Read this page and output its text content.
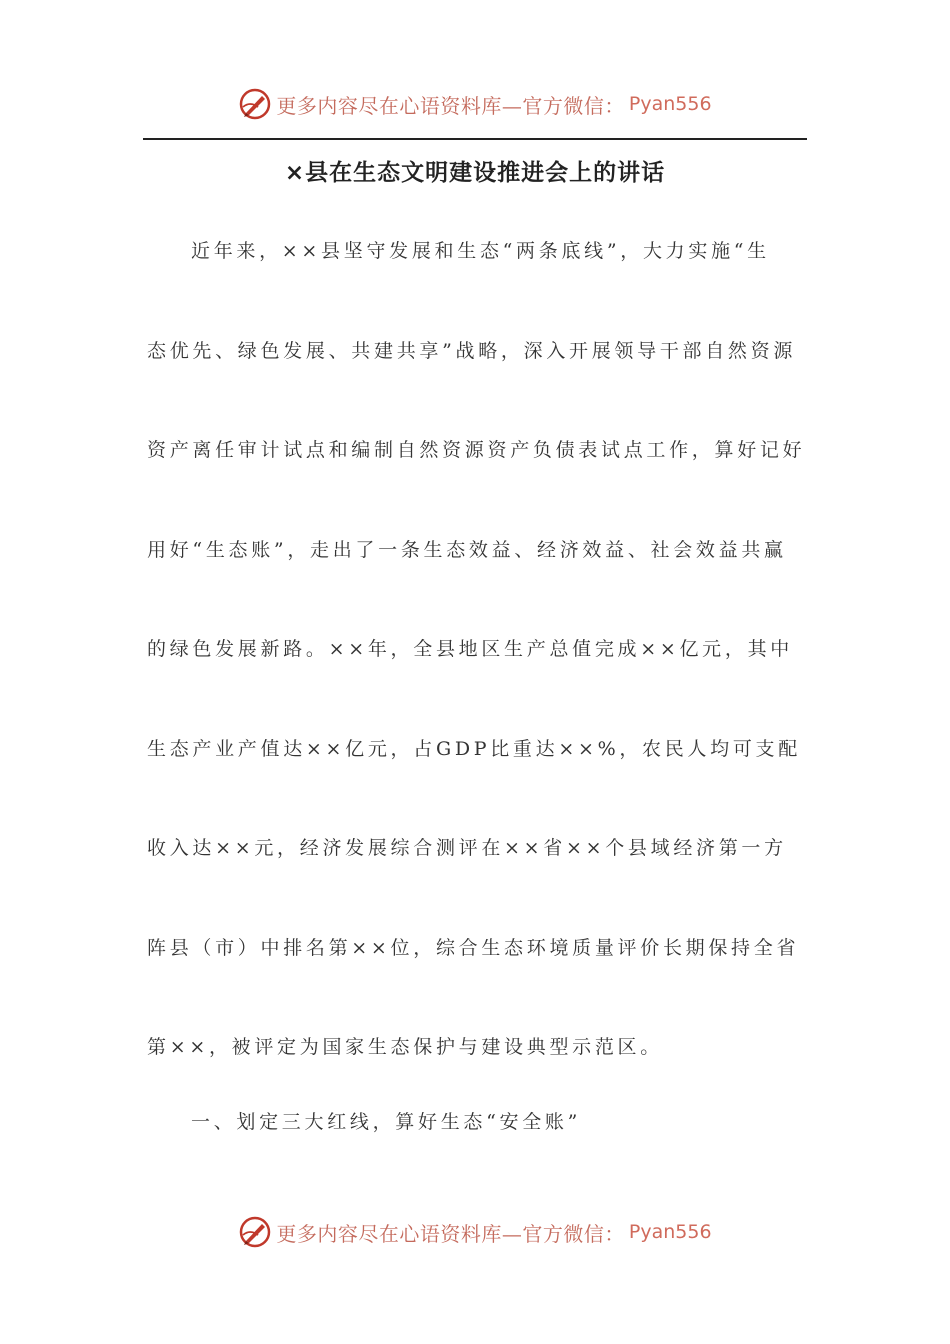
更多内容尽在心语资料库—官方微信： Pyan556
×县在生态文明建设推进会上的讲话
近年来，××县坚守发展和生态“两条底线”，大力实施“生
态优先、绿色发展、共建共享”战略，深入开展领导干部自然资源
资产离任审计试点和编制自然资源资产负债表试点工作，算好记好
用好“生态账”，走出了一条生态效益、经济效益、社会效益共赢
的绿色发展新路。××年，全县地区生产总值完成××亿元，其中
生态产业产值达××亿元，占GDP比重达××%，农民人均可支配
收入达××元，经济发展综合测评在××省××个县域经济第一方
阵县（市）中排名第××位，综合生态环境质量评价长期保持全省
第××，被评定为国家生态保护与建设典型示范区。
一、划定三大红线，算好生态“安全账”
更多内容尽在心语资料库—官方微信： Pyan556
